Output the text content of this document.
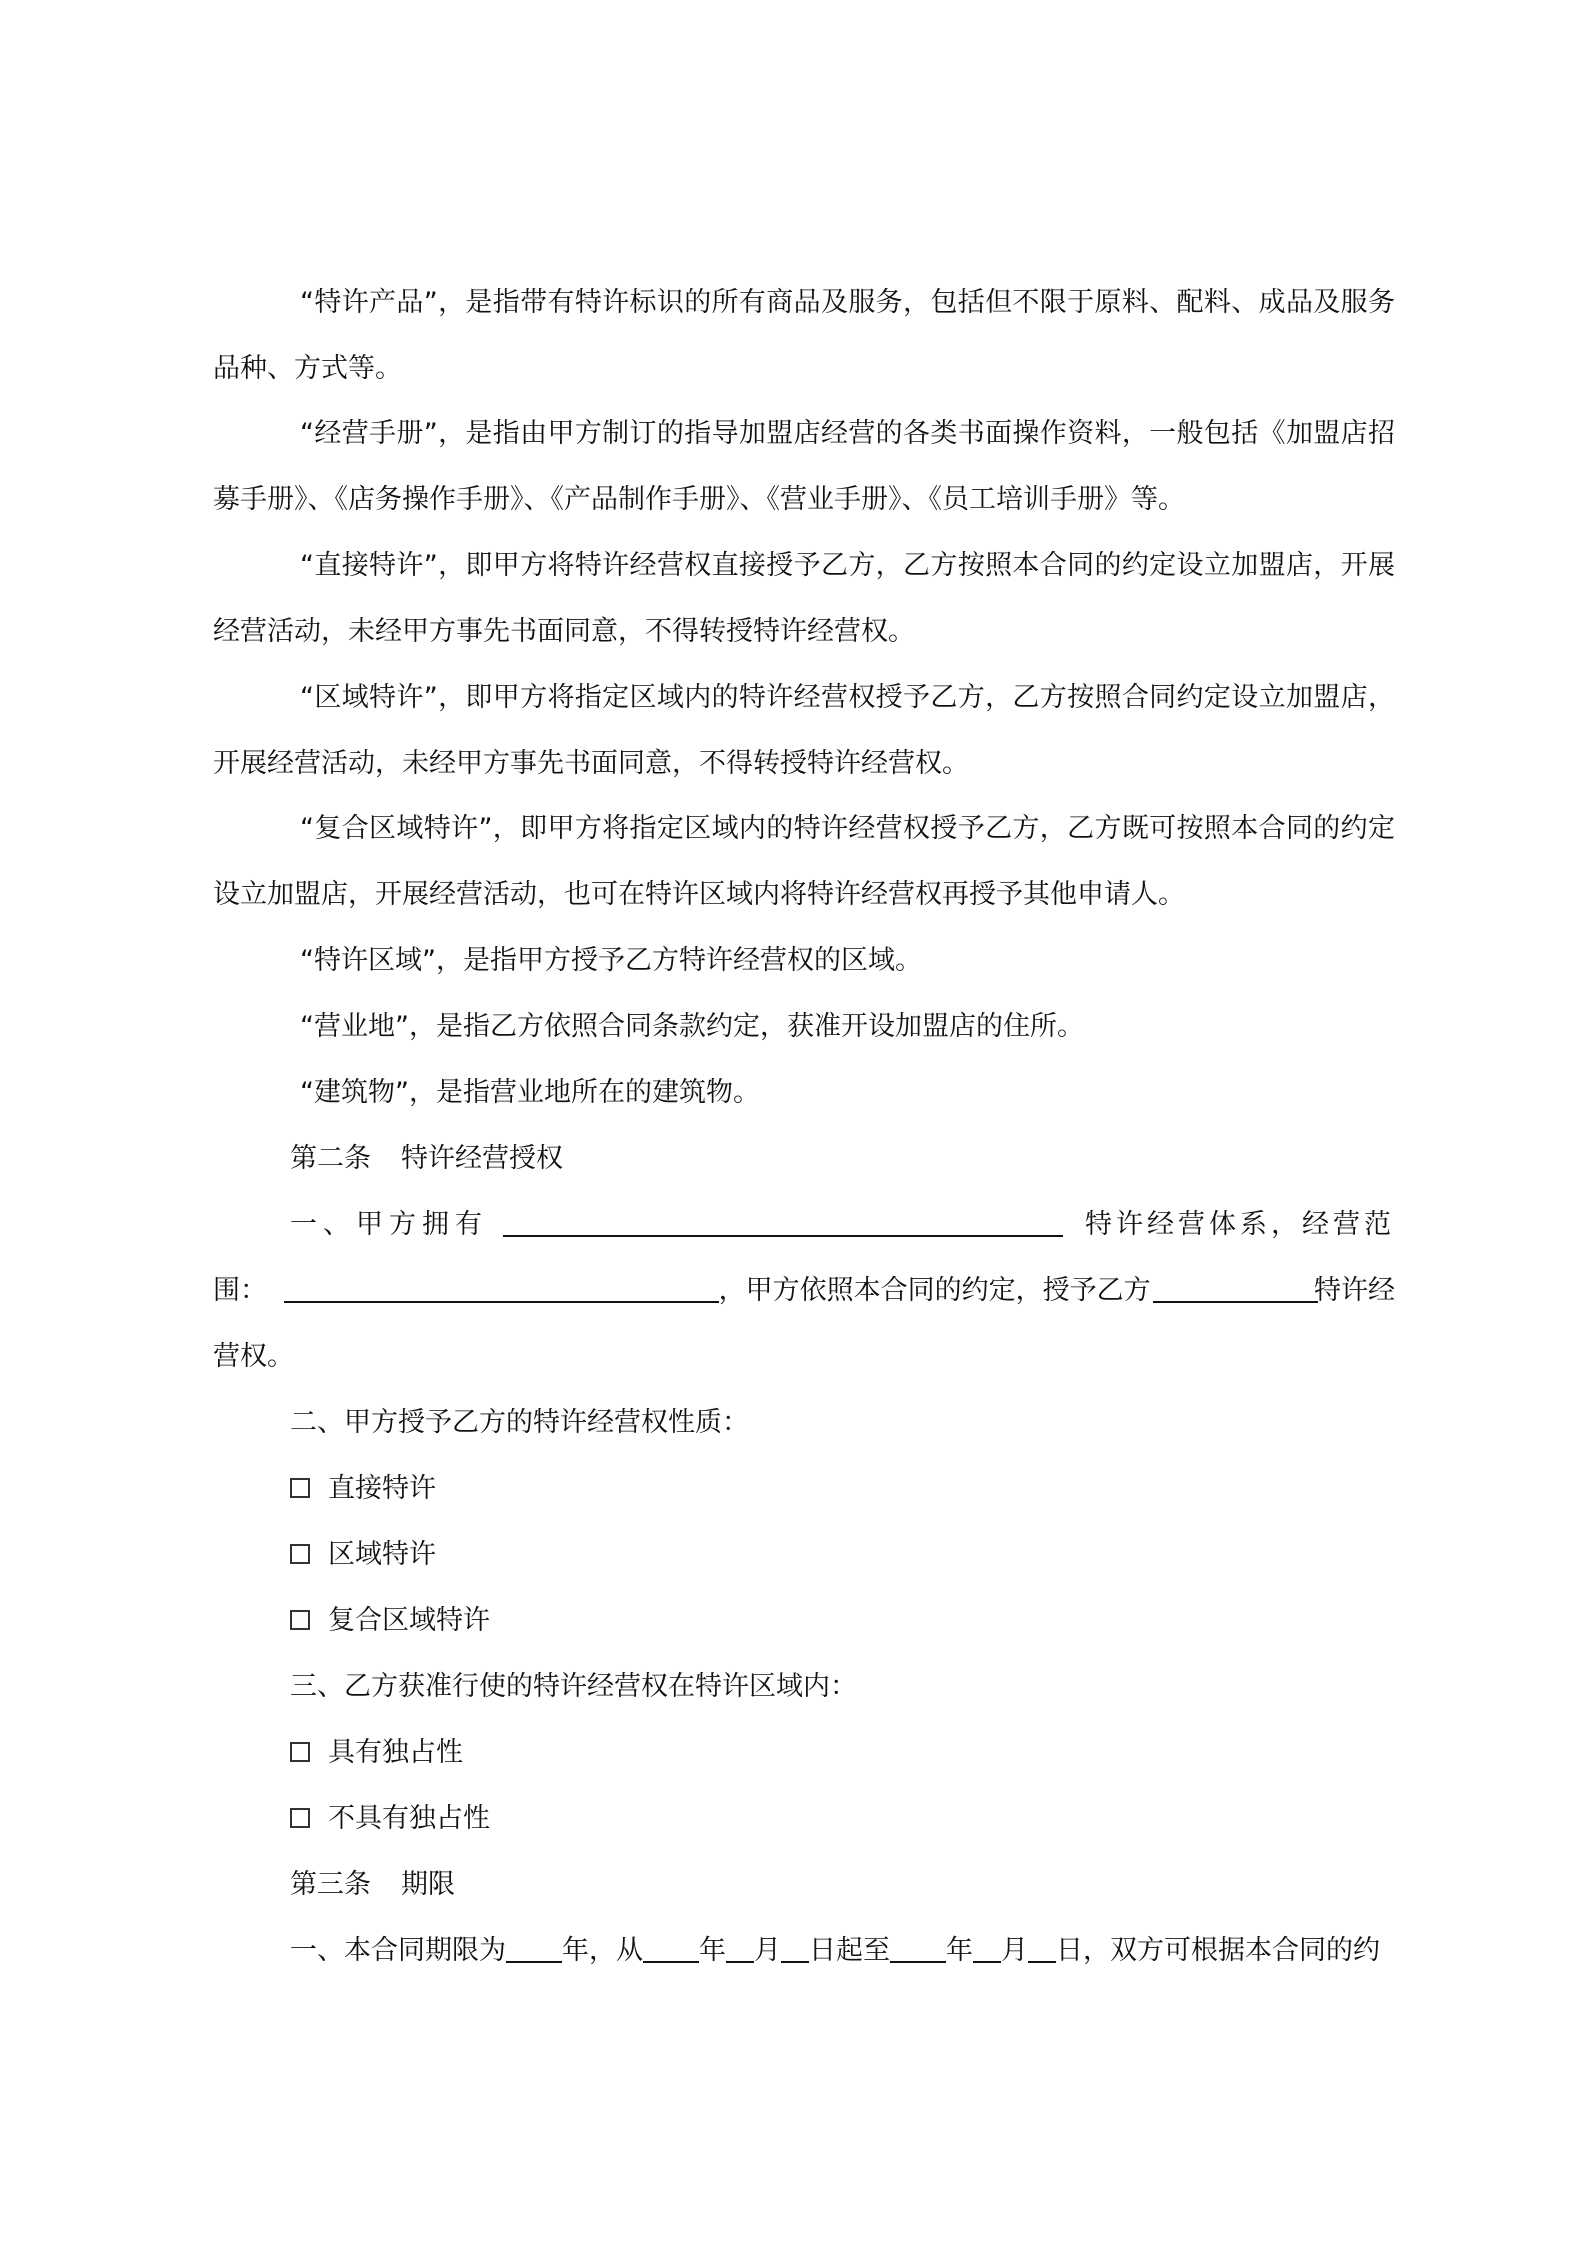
“特许产品”，是指带有特许标识的所有商品及服务，包括但不限于原料、配料、成品及服务
品种、方式等。
“经营手册”，是指由甲方制订的指导加盟店经营的各类书面操作资料，一般包括《加盟店招
募手册》、《店务操作手册》、《产品制作手册》、《营业手册》、《员工培训手册》等。
“直接特许”，即甲方将特许经营权直接授予乙方，乙方按照本合同的约定设立加盟店，开展
经营活动，未经甲方事先书面同意，不得转授特许经营权。
“区域特许”，即甲方将指定区域内的特许经营权授予乙方，乙方按照合同约定设立加盟店，
开展经营活动，未经甲方事先书面同意，不得转授特许经营权。
“复合区域特许”，即甲方将指定区域内的特许经营权授予乙方，乙方既可按照本合同的约定
设立加盟店，开展经营活动，也可在特许区域内将特许经营权再授予其他申请人。
“特许区域”，是指甲方授予乙方特许经营权的区域。
“营业地”，是指乙方依照合同条款约定，获准开设加盟店的住所。
“建筑物”，是指营业地所在的建筑物。
第二条 特许经营授权
一、甲方拥有	特许经营体系，经营范
围：	，甲方依照本合同的约定，授予乙方	特许经
营权。
二、甲方授予乙方的特许经营权性质：
直接特许
区域特许
复合区域特许
三、乙方获准行使的特许经营权在特许区域内：
具有独占性
不具有独占性
第三条 期限
一、本合同期限为 年，从 年 月 日起至 年 月 日，双方可根据本合同的约
